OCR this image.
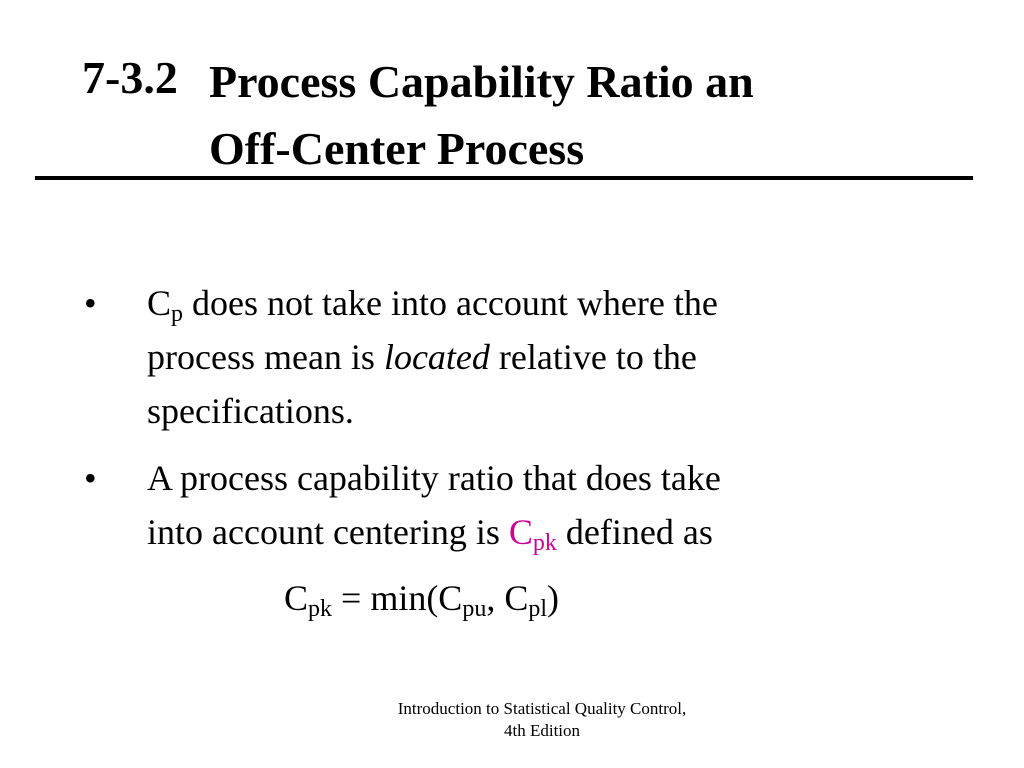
7-3.2 Process Capability Ratio an
Off-Center Process
• $C_p$ does not take into account where the
process mean is located relative to the
specifications.
• A process capability ratio that does take
into account centering is $C_{pk}$ defined as
$C_{pk} = \min(C_{pu}$, $C_{pl}$)
Introduction to Statistical Quality Control,
4th Edition
